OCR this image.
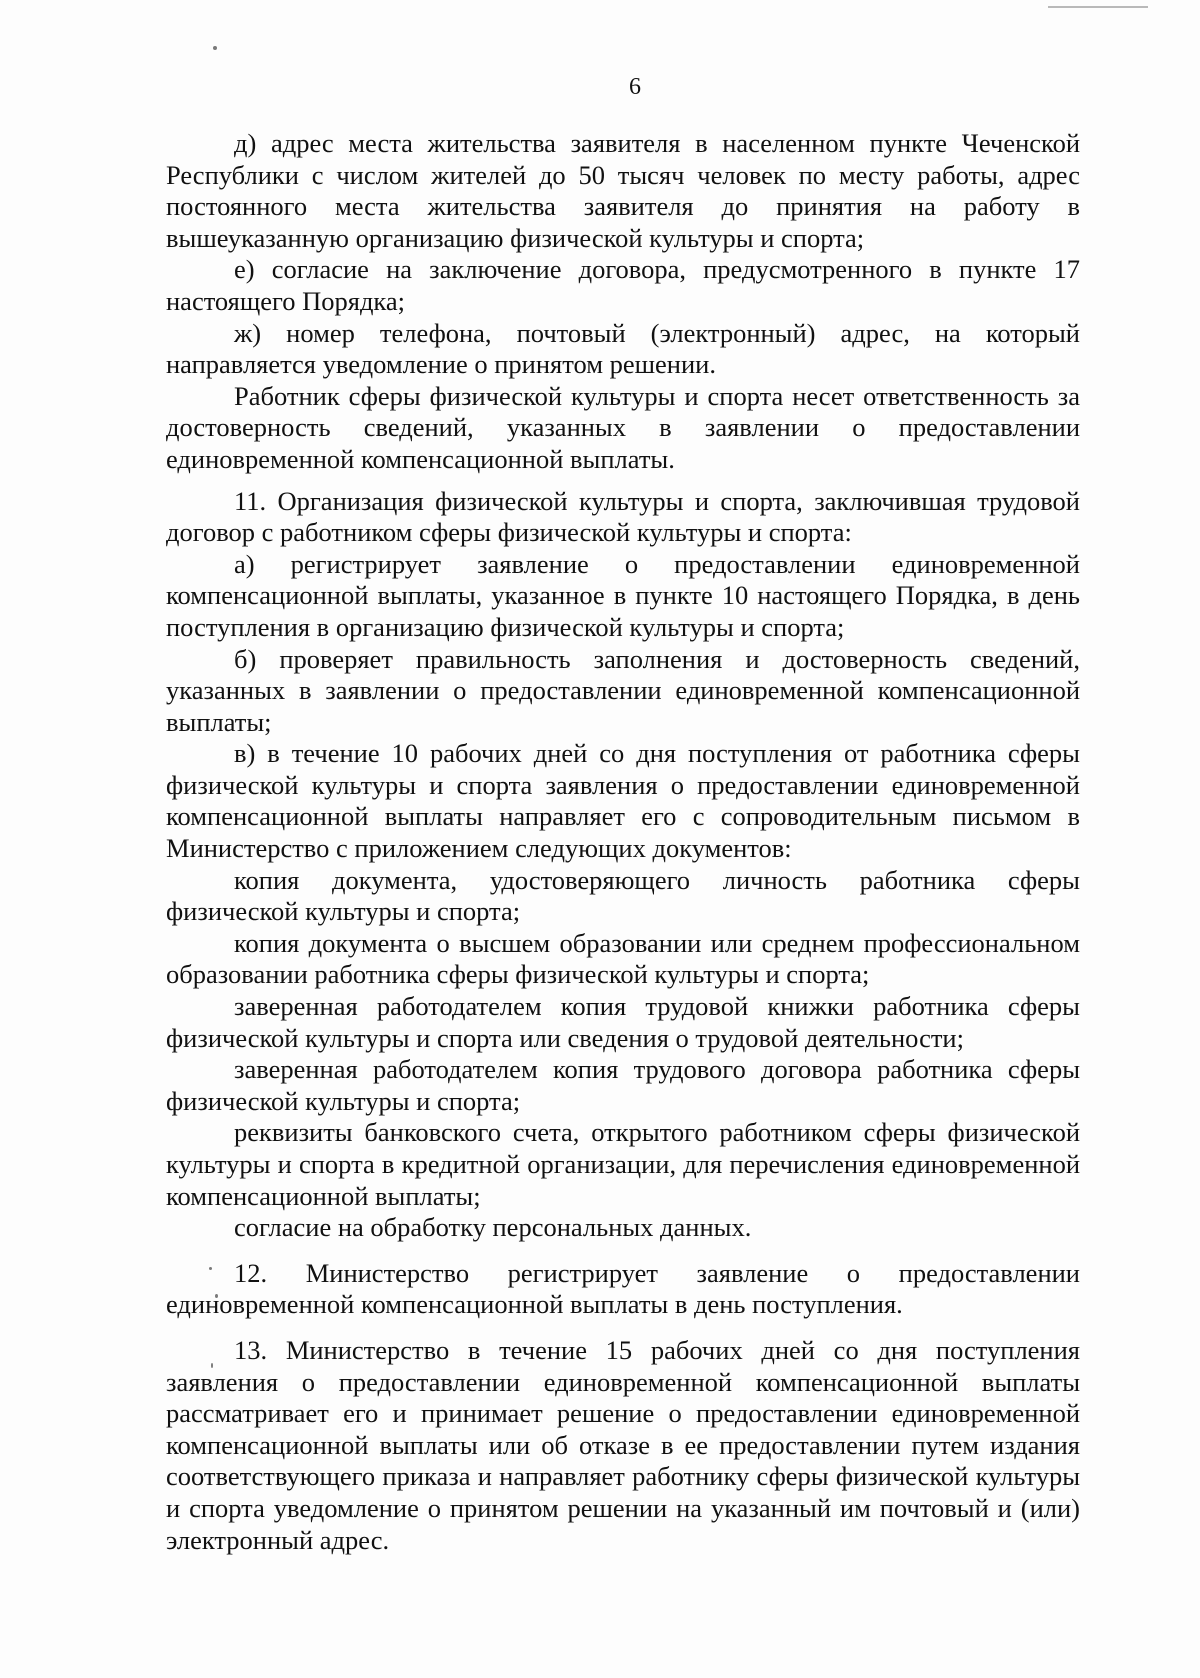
6

д) адрес места жительства заявителя в населенном пункте Чеченской Республики с числом жителей до 50 тысяч человек по месту работы, адрес постоянного места жительства заявителя до принятия на работу в вышеуказанную организацию физической культуры и спорта;

е) согласие на заключение договора, предусмотренного в пункте 17 настоящего Порядка;

ж) номер телефона, почтовый (электронный) адрес, на который направляется уведомление о принятом решении.

Работник сферы физической культуры и спорта несет ответственность за достоверность сведений, указанных в заявлении о предоставлении единовременной компенсационной выплаты.

11. Организация физической культуры и спорта, заключившая трудовой договор с работником сферы физической культуры и спорта:

а) регистрирует заявление о предоставлении единовременной компенсационной выплаты, указанное в пункте 10 настоящего Порядка, в день поступления в организацию физической культуры и спорта;

б) проверяет правильность заполнения и достоверность сведений, указанных в заявлении о предоставлении единовременной компенсационной выплаты;

в) в течение 10 рабочих дней со дня поступления от работника сферы физической культуры и спорта заявления о предоставлении единовременной компенсационной выплаты направляет его с сопроводительным письмом в Министерство с приложением следующих документов:

копия документа, удостоверяющего личность работника сферы физической культуры и спорта;

копия документа о высшем образовании или среднем профессиональном образовании работника сферы физической культуры и спорта;

заверенная работодателем копия трудовой книжки работника сферы физической культуры и спорта или сведения о трудовой деятельности;

заверенная работодателем копия трудового договора работника сферы физической культуры и спорта;

реквизиты банковского счета, открытого работником сферы физической культуры и спорта в кредитной организации, для перечисления единовременной компенсационной выплаты;

согласие на обработку персональных данных.

12. Министерство регистрирует заявление о предоставлении единовременной компенсационной выплаты в день поступления.

13. Министерство в течение 15 рабочих дней со дня поступления заявления о предоставлении единовременной компенсационной выплаты рассматривает его и принимает решение о предоставлении единовременной компенсационной выплаты или об отказе в ее предоставлении путем издания соответствующего приказа и направляет работнику сферы физической культуры и спорта уведомление о принятом решении на указанный им почтовый и (или) электронный адрес.
